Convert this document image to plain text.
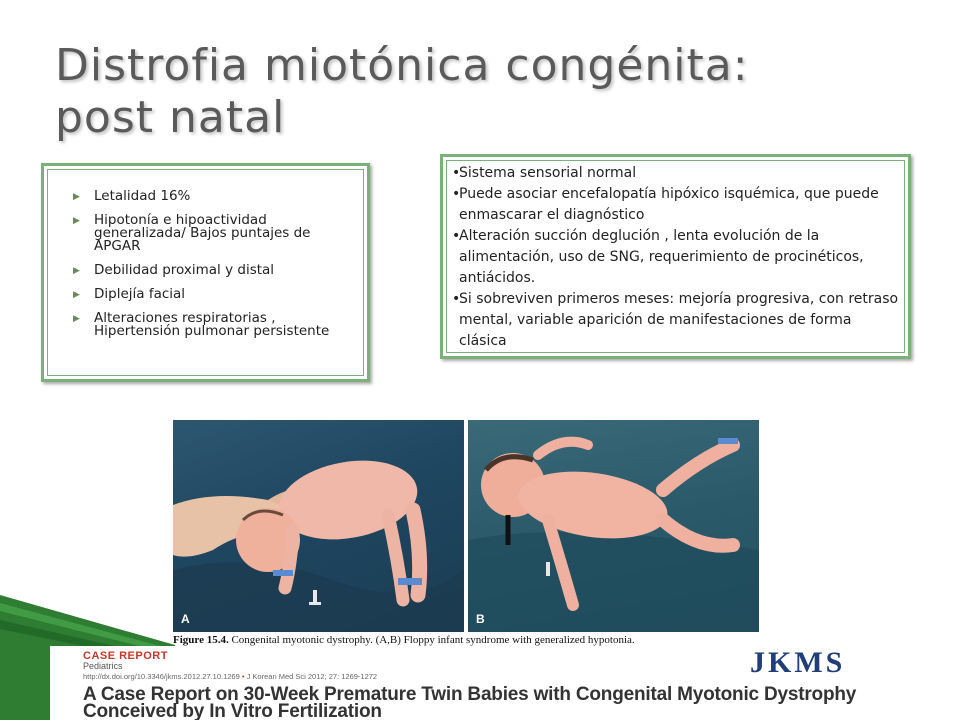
Distrofia miotónica congénita:
post natal
▶ Letalidad 16%
▶ Hipotonía e hipoactividad generalizada/ Bajos puntajes de APGAR
▶ Debilidad proximal y distal
▶ Diplejía facial
▶ Alteraciones respiratorias , Hipertensión pulmonar persistente
•
Sistema sensorial normal
•
Puede asociar encefalopatía hipóxico isquémica, que puede enmascarar el diagnóstico
•
Alteración succión deglución , lenta evolución de la alimentación, uso de SNG, requerimiento de procinéticos, antiácidos.
•
Si sobreviven primeros meses: mejoría progresiva, con retraso mental, variable aparición de manifestaciones de forma clásica
A	B
Figure 15.4. Congenital myotonic dystrophy. (A,B) Floppy infant syndrome with generalized hypotonia.
CASE REPORT
Pediatrics
http://dx.doi.org/10.3346/jkms.2012.27.10.1269 • J Korean Med Sci 2012; 27: 1269-1272	JKMS
A Case Report on 30-Week Premature Twin Babies with Congenital Myotonic Dystrophy Conceived by In Vitro Fertilization
